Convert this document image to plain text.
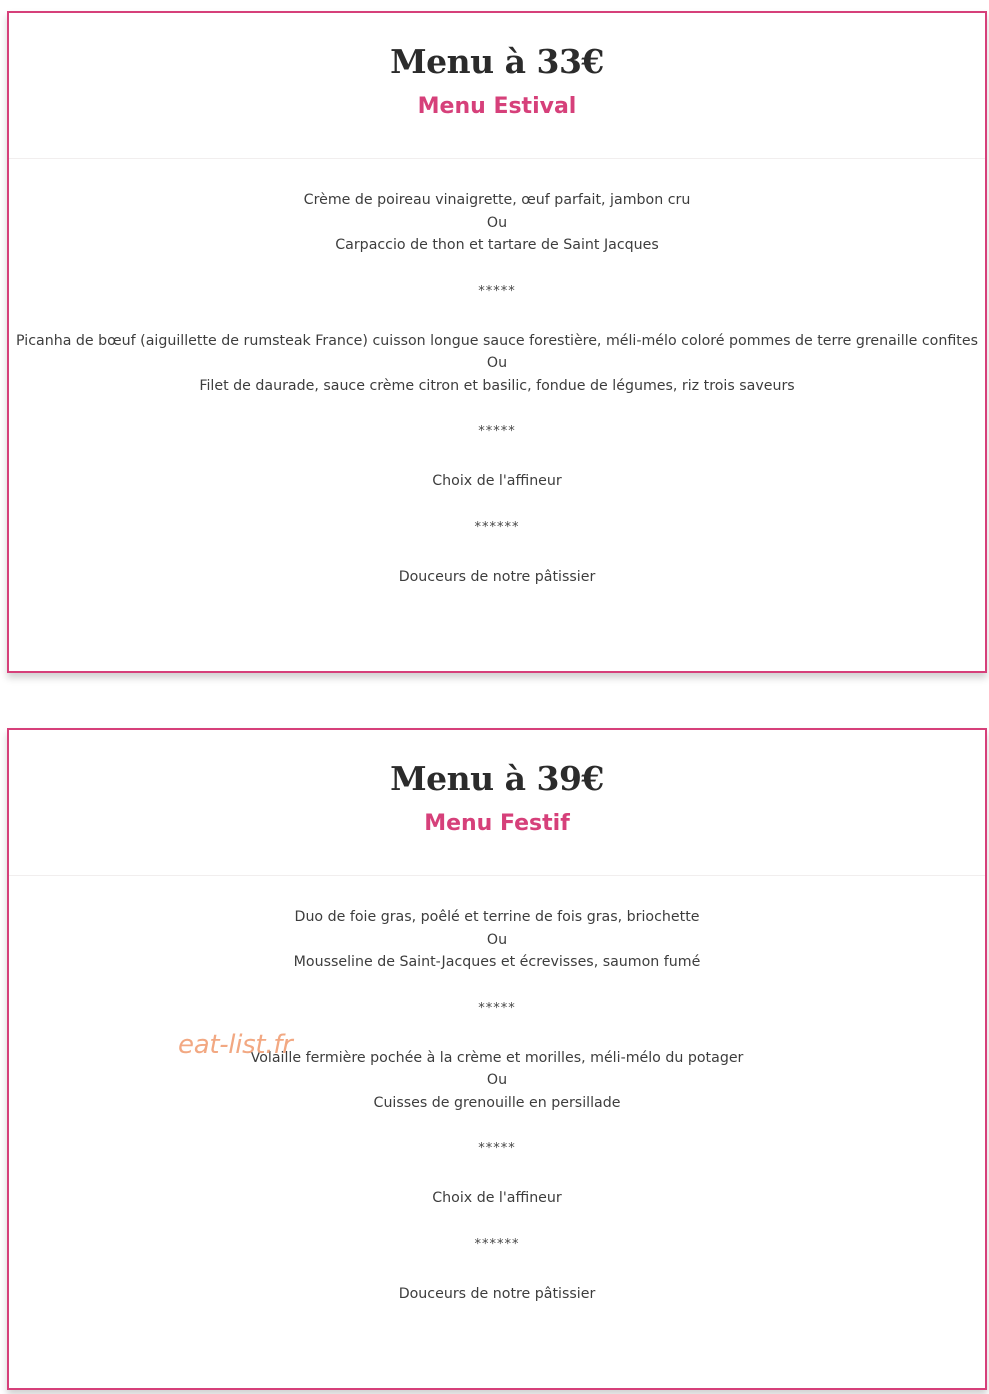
Menu à 33€
Menu Estival
Crème de poireau vinaigrette, œuf parfait, jambon cru
Ou
Carpaccio de thon et tartare de Saint Jacques
*****
Picanha de bœuf (aiguillette de rumsteak France) cuisson longue sauce forestière, méli-mélo coloré pommes de terre grenaille confites
Ou
Filet de daurade, sauce crème citron et basilic, fondue de légumes, riz trois saveurs
*****
Choix de l'affineur
******
Douceurs de notre pâtissier
Menu à 39€
Menu Festif
Duo de foie gras, poêlé et terrine de fois gras, briochette
Ou
Mousseline de Saint-Jacques et écrevisses, saumon fumé
*****
Volaille fermière pochée à la crème et morilles, méli-mélo du potager
Ou
Cuisses de grenouille en persillade
*****
Choix de l'affineur
******
Douceurs de notre pâtissier
eat-list.fr
